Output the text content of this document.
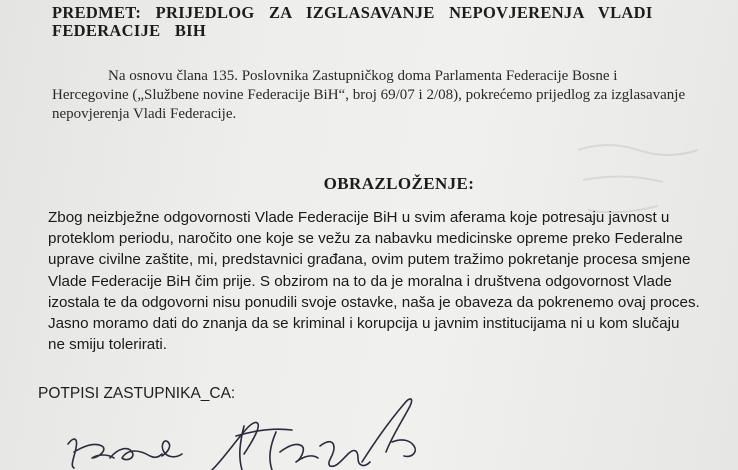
PREDMET: PRIJEDLOG ZA IZGLASAVANJE NEPOVJERENJA VLADI
FEDERACIJE BIH
Na osnovu člana 135. Poslovnika Zastupničkog doma Parlamenta Federacije Bosne i Hercegovine („Službene novine Federacije BiH“, broj 69/07 i 2/08), pokrećemo prijedlog za izglasavanje nepovjerenja Vladi Federacije.
OBRAZLOŽENJE:
Zbog neizbježne odgovornosti Vlade Federacije BiH u svim aferama koje potresaju javnost u
proteklom periodu, naročito one koje se vežu za nabavku medicinske opreme preko Federalne
uprave civilne zaštite, mi, predstavnici građana, ovim putem tražimo pokretanje procesa smjene
Vlade Federacije BiH čim prije. S obzirom na to da je moralna i društvena odgovornost Vlade
izostala te da odgovorni nisu ponudili svoje ostavke, naša je obaveza da pokrenemo ovaj proces.
Jasno moramo dati do znanja da se kriminal i korupcija u javnim institucijama ni u kom slučaju
ne smiju tolerirati.
POTPISI ZASTUPNIKA_CA:
